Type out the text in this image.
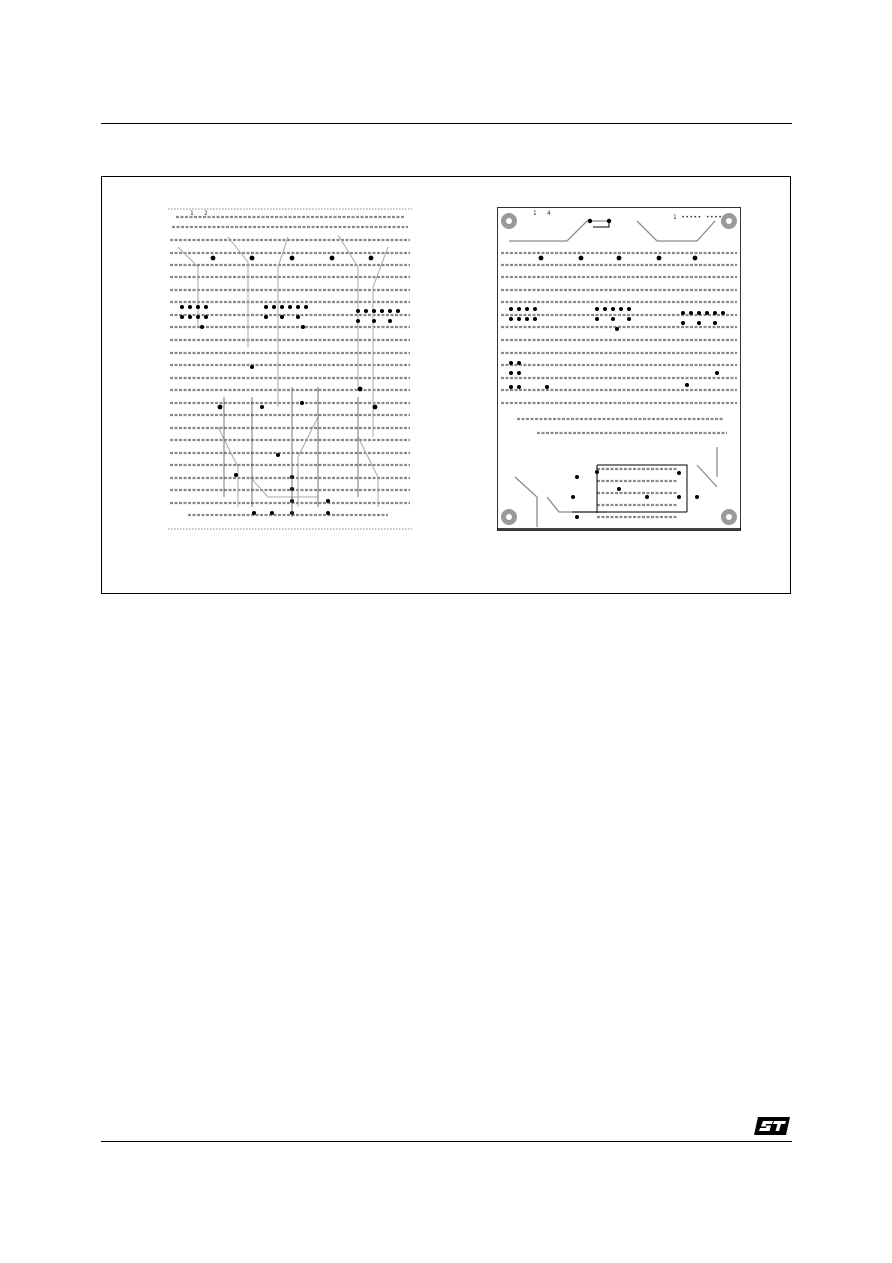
1 2	1 4
1 ••••• ••••
